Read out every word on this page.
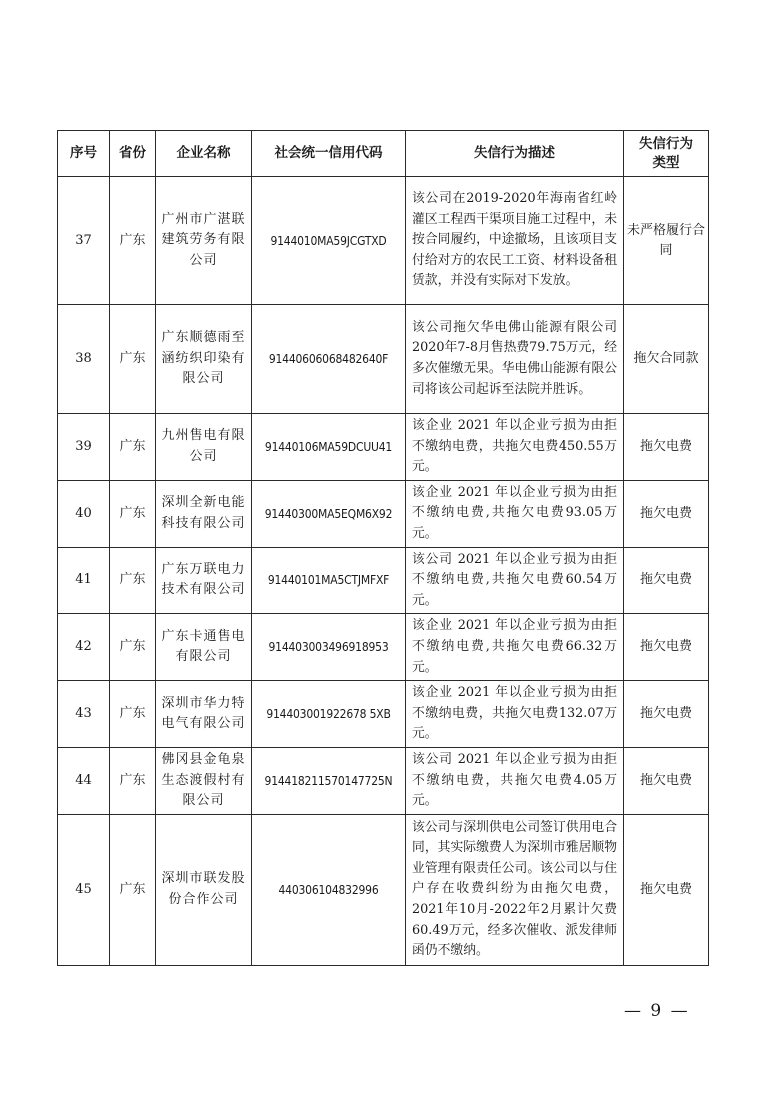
序号	省份	企业名称	社会统一信用代码	失信行为描述	失信行为类型
37	广东	广州市广湛联建筑劳务有限公司	9144010MA59JCGTXD	该公司在2019-2020年海南省红岭灌区工程西干渠项目施工过程中，未按合同履约，中途撤场，且该项目支付给对方的农民工工资、材料设备租赁款，并没有实际对下发放。	未严格履行合同
38	广东	广东顺德雨至涵纺织印染有限公司	91440606068482640F	该公司拖欠华电佛山能源有限公司2020年7-8月售热费79.75万元，经多次催缴无果。华电佛山能源有限公司将该公司起诉至法院并胜诉。	拖欠合同款
39	广东	九州售电有限公司	91440106MA59DCUU41	该企业 2021 年以企业亏损为由拒不缴纳电费，共拖欠电费450.55万元。	拖欠电费
40	广东	深圳全新电能科技有限公司	91440300MA5EQM6X92	该企业 2021 年以企业亏损为由拒不缴纳电费,共拖欠电费93.05万元。	拖欠电费
41	广东	广东万联电力技术有限公司	91440101MA5CTJMFXF	该公司 2021 年以企业亏损为由拒不缴纳电费,共拖欠电费60.54万元。	拖欠电费
42	广东	广东卡通售电有限公司	914403003496918953	该企业 2021 年以企业亏损为由拒不缴纳电费,共拖欠电费66.32万元。	拖欠电费
43	广东	深圳市华力特电气有限公司	914403001922678 5XB	该企业 2021 年以企业亏损为由拒不缴纳电费，共拖欠电费132.07万元。	拖欠电费
44	广东	佛冈县金龟泉生态渡假村有限公司	914418211570147725N	该公司 2021 年以企业亏损为由拒不缴纳电费，共拖欠电费4.05万元。	拖欠电费
45	广东	深圳市联发股份合作公司	440306104832996	该公司与深圳供电公司签订供用电合同，其实际缴费人为深圳市雅居顺物业管理有限责任公司。该公司以与住户存在收费纠纷为由拖欠电费，2021年10月-2022年2月累计欠费60.49万元，经多次催收、派发律师函仍不缴纳。	拖欠电费
— 9 —
